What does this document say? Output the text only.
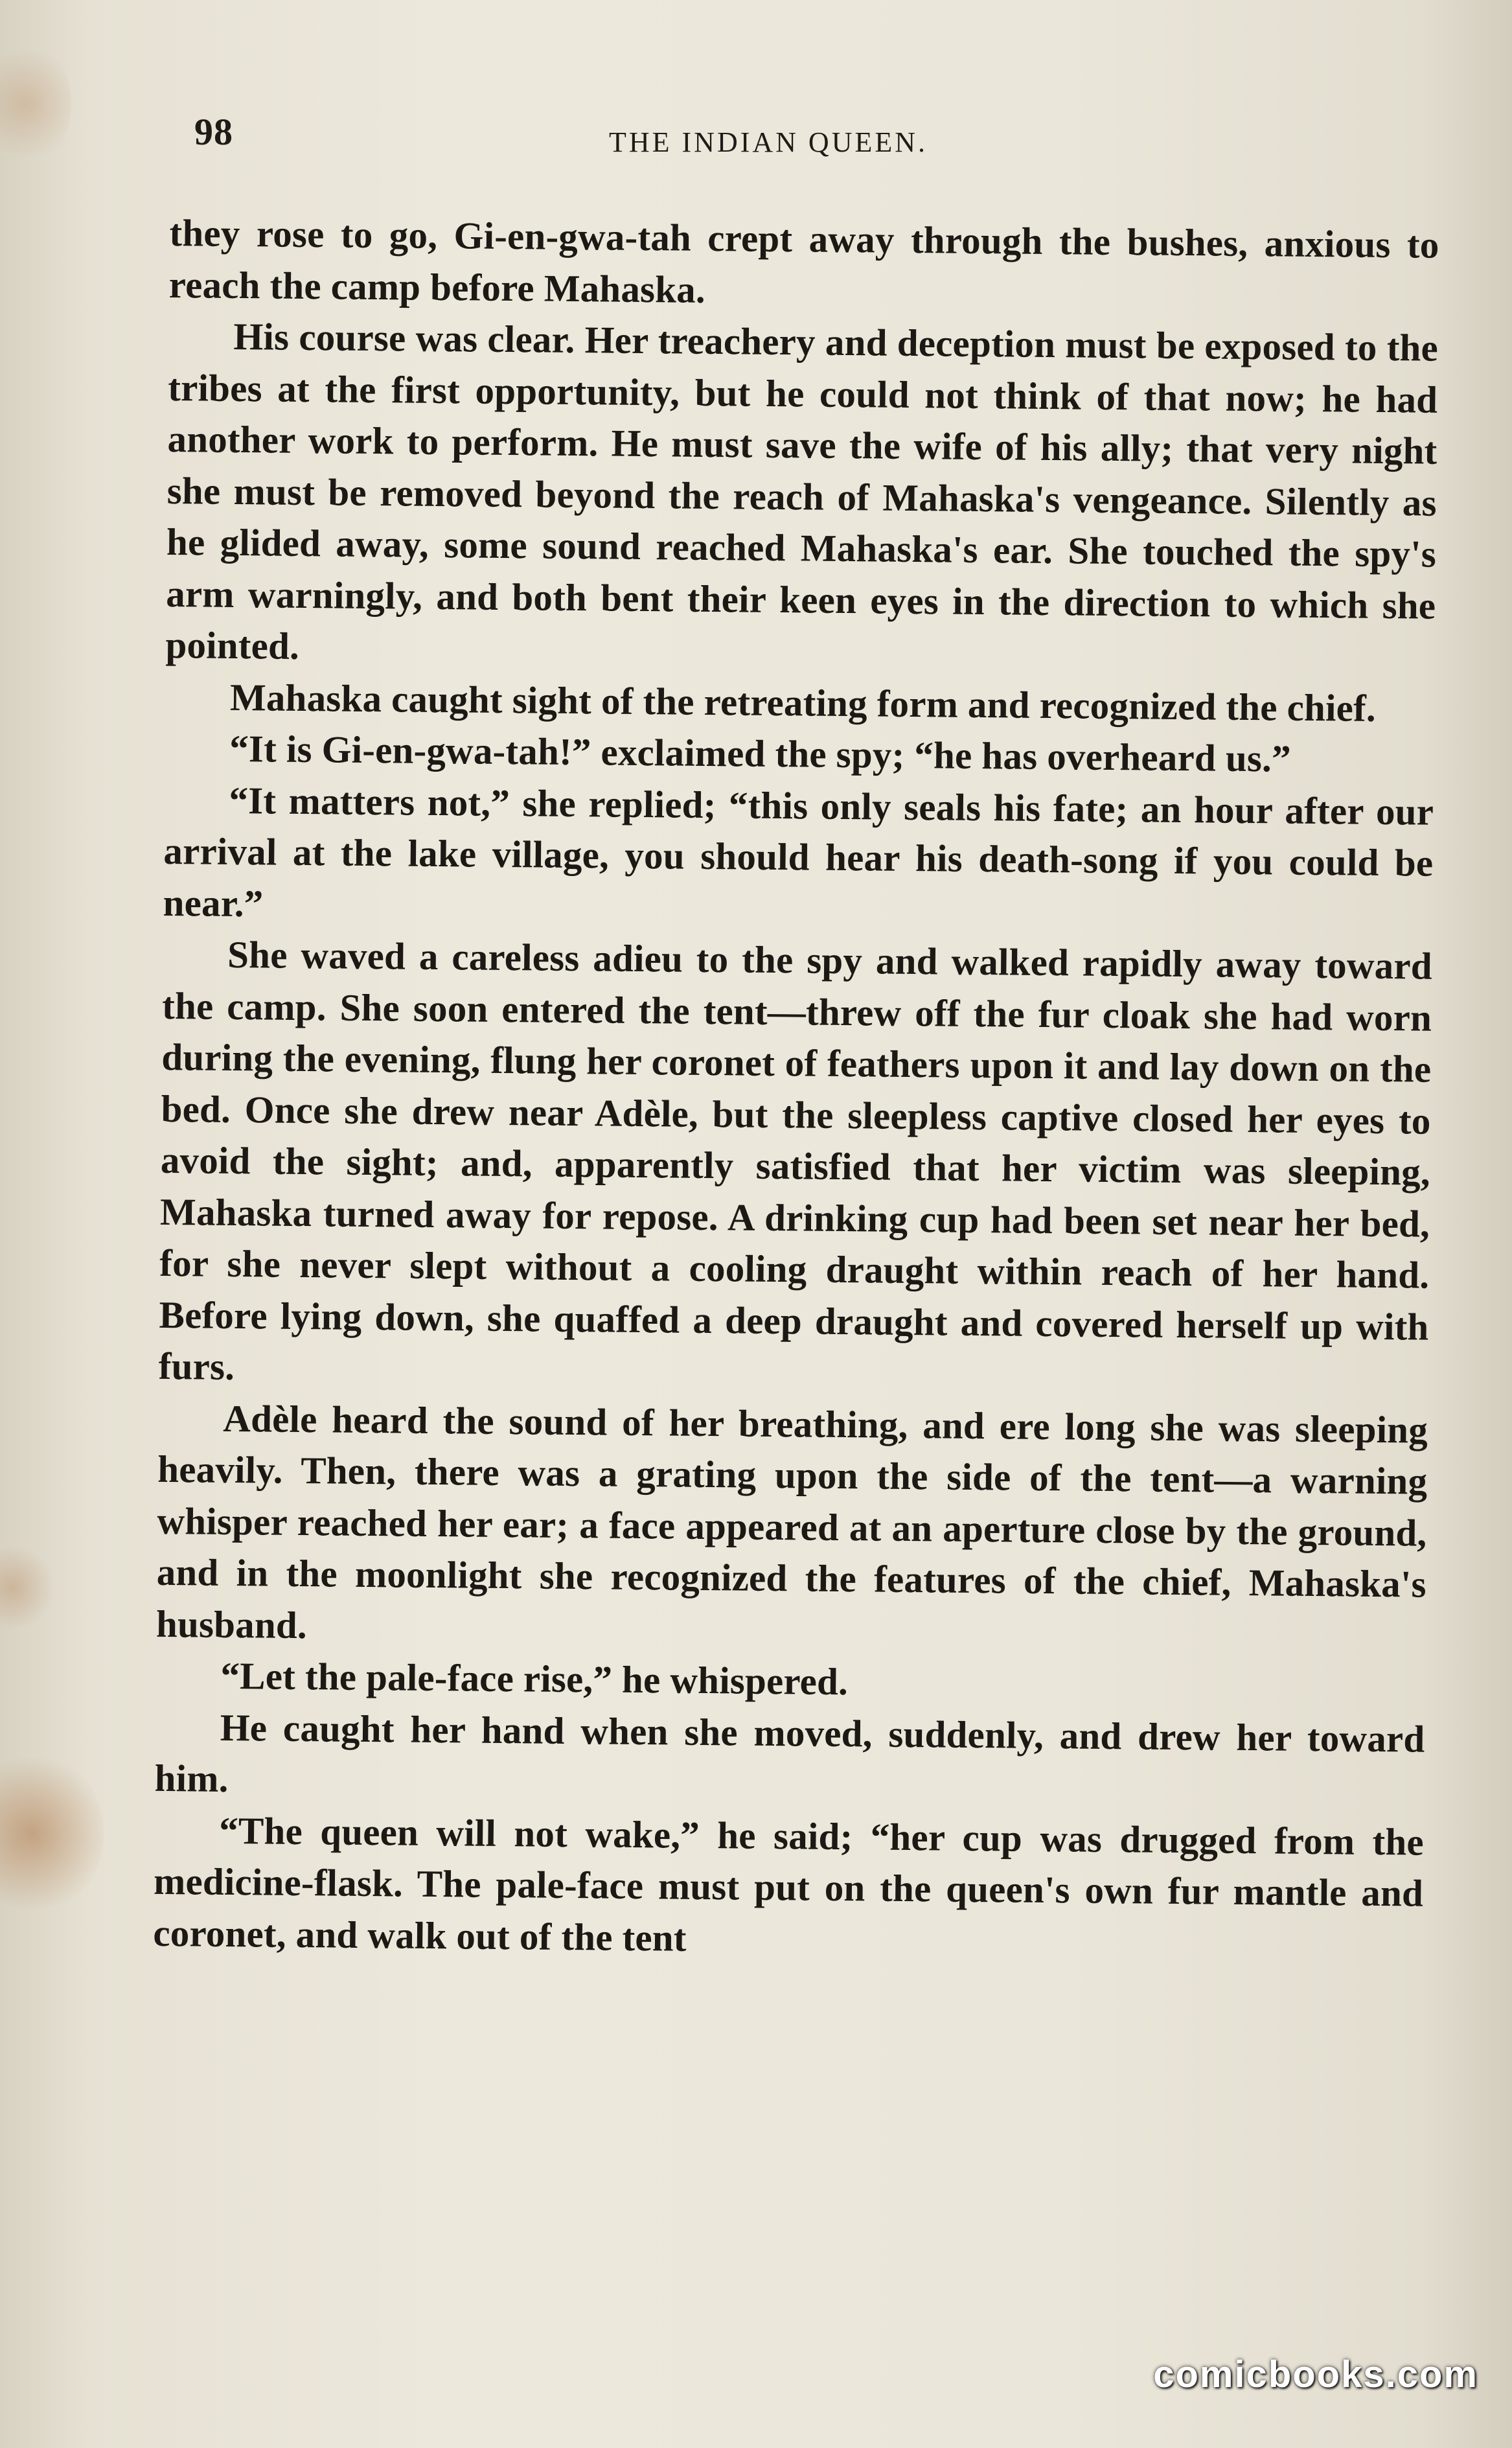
98	THE INDIAN QUEEN.

they rose to go, Gi-en-gwa-tah crept away through the bushes, anxious to reach the camp before Mahaska.

His course was clear. Her treachery and deception must be exposed to the tribes at the first opportunity, but he could not think of that now; he had another work to perform. He must save the wife of his ally; that very night she must be removed beyond the reach of Mahaska's vengeance. Silently as he glided away, some sound reached Mahaska's ear. She touched the spy's arm warningly, and both bent their keen eyes in the direction to which she pointed.

Mahaska caught sight of the retreating form and recognized the chief.

“It is Gi-en-gwa-tah!” exclaimed the spy; “he has overheard us.”

“It matters not,” she replied; “this only seals his fate; an hour after our arrival at the lake village, you should hear his death-song if you could be near.”

She waved a careless adieu to the spy and walked rapidly away toward the camp. She soon entered the tent—threw off the fur cloak she had worn during the evening, flung her coronet of feathers upon it and lay down on the bed. Once she drew near Adèle, but the sleepless captive closed her eyes to avoid the sight; and, apparently satisfied that her victim was sleeping, Mahaska turned away for repose. A drinking cup had been set near her bed, for she never slept without a cooling draught within reach of her hand. Before lying down, she quaffed a deep draught and covered herself up with furs.

Adèle heard the sound of her breathing, and ere long she was sleeping heavily. Then, there was a grating upon the side of the tent—a warning whisper reached her ear; a face appeared at an aperture close by the ground, and in the moonlight she recognized the features of the chief, Mahaska's husband.

“Let the pale-face rise,” he whispered.

He caught her hand when she moved, suddenly, and drew her toward him.

“The queen will not wake,” he said; “her cup was drugged from the medicine-flask. The pale-face must put on the queen's own fur mantle and coronet, and walk out of the tent

comicbooks.com
